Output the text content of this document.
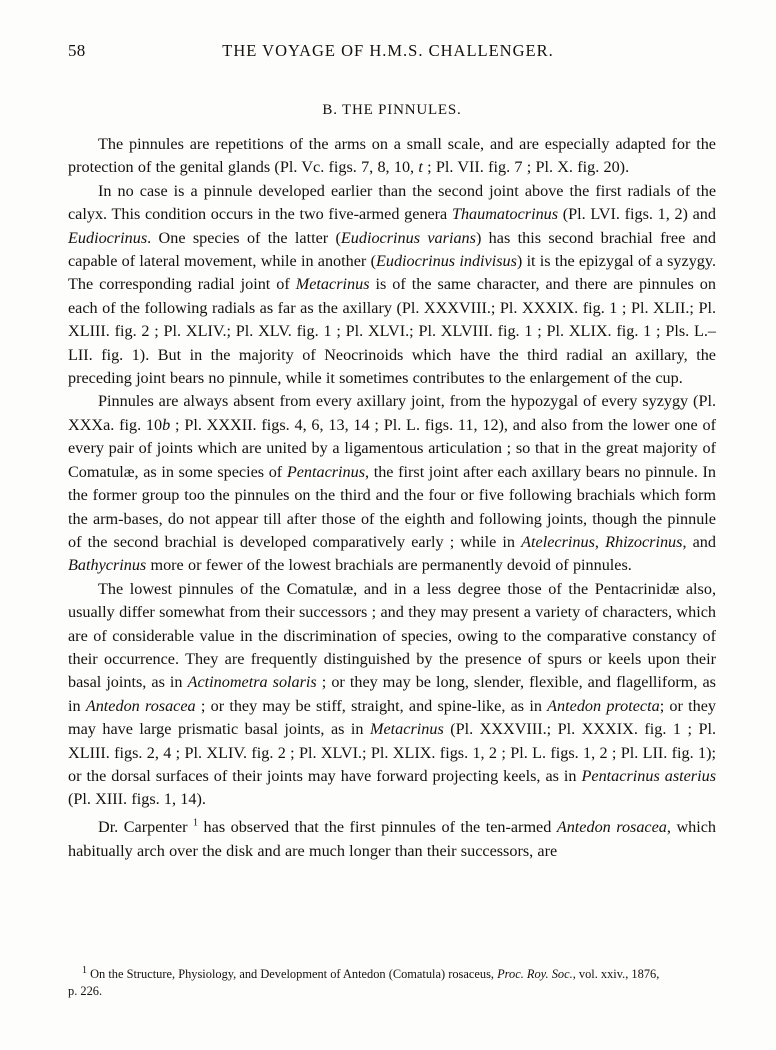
58	THE VOYAGE OF H.M.S. CHALLENGER.
B. THE PINNULES.

The pinnules are repetitions of the arms on a small scale, and are especially adapted for the protection of the genital glands (Pl. Vc. figs. 7, 8, 10, t ; Pl. VII. fig. 7 ; Pl. X. fig. 20).

In no case is a pinnule developed earlier than the second joint above the first radials of the calyx. This condition occurs in the two five-armed genera Thaumatocrinus (Pl. LVI. figs. 1, 2) and Eudiocrinus. One species of the latter (Eudiocrinus varians) has this second brachial free and capable of lateral movement, while in another (Eudiocrinus indivisus) it is the epizygal of a syzygy. The corresponding radial joint of Metacrinus is of the same character, and there are pinnules on each of the following radials as far as the axillary (Pl. XXXVIII.; Pl. XXXIX. fig. 1 ; Pl. XLII.; Pl. XLIII. fig. 2 ; Pl. XLIV.; Pl. XLV. fig. 1 ; Pl. XLVI.; Pl. XLVIII. fig. 1 ; Pl. XLIX. fig. 1 ; Pls. L.–LII. fig. 1). But in the majority of Neocrinoids which have the third radial an axillary, the preceding joint bears no pinnule, while it sometimes contributes to the enlargement of the cup.

Pinnules are always absent from every axillary joint, from the hypozygal of every syzygy (Pl. XXXa. fig. 10b ; Pl. XXXII. figs. 4, 6, 13, 14 ; Pl. L. figs. 11, 12), and also from the lower one of every pair of joints which are united by a ligamentous articulation ; so that in the great majority of Comatulæ, as in some species of Pentacrinus, the first joint after each axillary bears no pinnule. In the former group too the pinnules on the third and the four or five following brachials which form the arm-bases, do not appear till after those of the eighth and following joints, though the pinnule of the second brachial is developed comparatively early ; while in Atelecrinus, Rhizocrinus, and Bathycrinus more or fewer of the lowest brachials are permanently devoid of pinnules.

The lowest pinnules of the Comatulæ, and in a less degree those of the Pentacrinidæ also, usually differ somewhat from their successors ; and they may present a variety of characters, which are of considerable value in the discrimination of species, owing to the comparative constancy of their occurrence. They are frequently distinguished by the presence of spurs or keels upon their basal joints, as in Actinometra solaris ; or they may be long, slender, flexible, and flagelliform, as in Antedon rosacea ; or they may be stiff, straight, and spine-like, as in Antedon protecta; or they may have large prismatic basal joints, as in Metacrinus (Pl. XXXVIII.; Pl. XXXIX. fig. 1 ; Pl. XLIII. figs. 2, 4 ; Pl. XLIV. fig. 2 ; Pl. XLVI.; Pl. XLIX. figs. 1, 2 ; Pl. L. figs. 1, 2 ; Pl. LII. fig. 1); or the dorsal surfaces of their joints may have forward projecting keels, as in Pentacrinus asterius (Pl. XIII. figs. 1, 14).

Dr. Carpenter $^1$ has observed that the first pinnules of the ten-armed Antedon rosacea, which habitually arch over the disk and are much longer than their successors, are

$^1$ On the Structure, Physiology, and Development of Antedon (Comatula) rosaceus, Proc. Roy. Soc., vol. xxiv., 1876,
p. 226.
